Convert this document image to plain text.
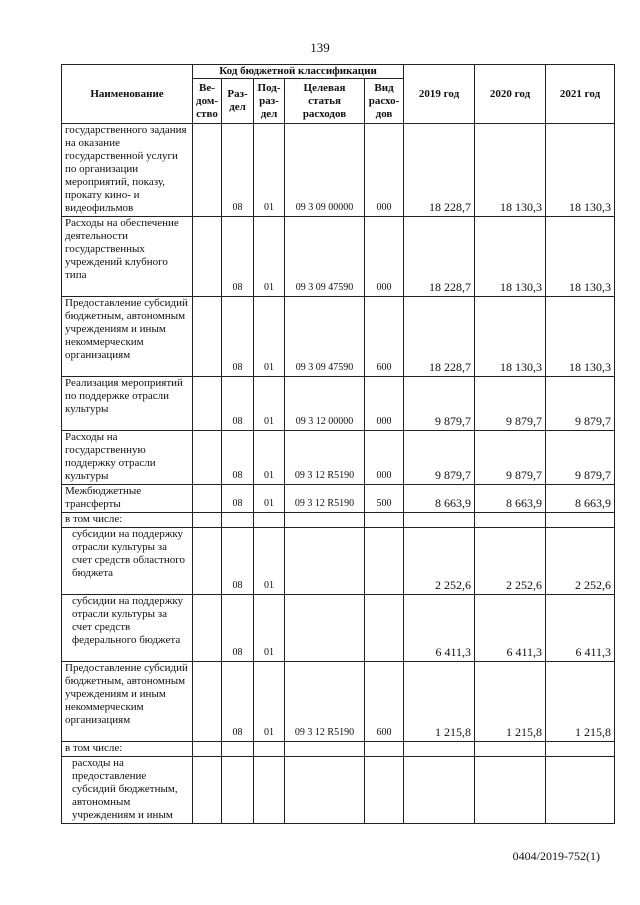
139
Наименование	Код бюджетной классификации					2019 год	2020 год	2021 год
	Ве-дом-ство	Раз-дел	Под-раз-дел	Целевая статья расходов	Вид расхо-дов			
государственного задания на оказание государственной услуги по организации мероприятий, показу, прокату кино- и видеофильмов		08	01	09 3 09 00000	000	18 228,7	18 130,3	18 130,3
Расходы на обеспечение деятельности государственных учреждений клубного типа		08	01	09 3 09 47590	000	18 228,7	18 130,3	18 130,3
Предоставление субсидий бюджетным, автономным учреждениям и иным некоммерческим организациям		08	01	09 3 09 47590	600	18 228,7	18 130,3	18 130,3
Реализация мероприятий по поддержке отрасли культуры		08	01	09 3 12 00000	000	9 879,7	9 879,7	9 879,7
Расходы на государственную поддержку отрасли культуры		08	01	09 3 12 R5190	000	9 879,7	9 879,7	9 879,7
Межбюджетные трансферты		08	01	09 3 12 R5190	500	8 663,9	8 663,9	8 663,9
в том числе:								
субсидии на поддержку отрасли культуры за счет средств областного бюджета		08	01			2 252,6	2 252,6	2 252,6
субсидии на поддержку отрасли культуры за счет средств федерального бюджета		08	01			6 411,3	6 411,3	6 411,3
Предоставление субсидий бюджетным, автономным учреждениям и иным некоммерческим организациям		08	01	09 3 12 R5190	600	1 215,8	1 215,8	1 215,8
в том числе:								
расходы на предоставление субсидий бюджетным, автономным учреждениям и иным								
0404/2019-752(1)
